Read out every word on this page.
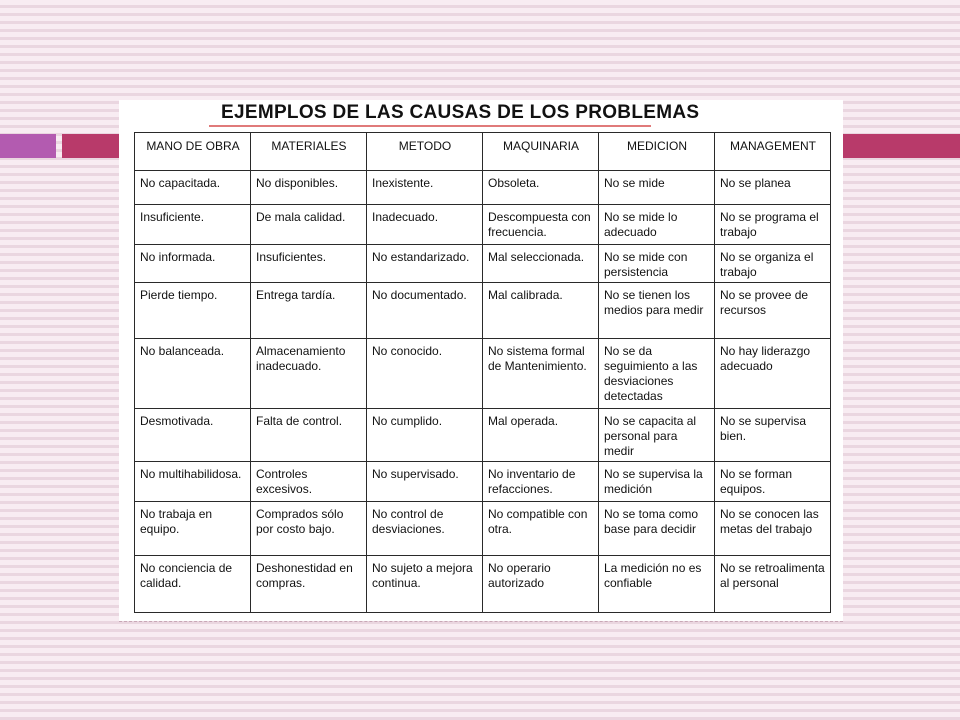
EJEMPLOS DE LAS CAUSAS DE LOS PROBLEMAS
MANO DE OBRA	MATERIALES	METODO	MAQUINARIA	MEDICION	MANAGEMENT
No capacitada.	No disponibles.	Inexistente.	Obsoleta.	No se mide	No se planea
Insuficiente.	De mala calidad.	Inadecuado.	Descompuesta con frecuencia.	No se mide lo adecuado	No se programa el trabajo
No informada.	Insuficientes.	No estandarizado.	Mal seleccionada.	No se mide con persistencia	No se organiza el trabajo
Pierde tiempo.	Entrega tardía.	No documentado.	Mal calibrada.	No se tienen los medios para medir	No se provee de recursos
No balanceada.	Almacenamiento inadecuado.	No conocido.	No sistema formal de Mantenimiento.	No se da seguimiento a las desviaciones detectadas	No hay liderazgo adecuado
Desmotivada.	Falta de control.	No cumplido.	Mal operada.	No se capacita al personal para medir	No se supervisa bien.
No multihabilidosa.	Controles excesivos.	No supervisado.	No inventario de refacciones.	No se supervisa la medición	No se forman equipos.
No trabaja en equipo.	Comprados sólo por costo bajo.	No control de desviaciones.	No compatible con otra.	No se toma como base para decidir	No se conocen las metas del trabajo
No conciencia de calidad.	Deshonestidad en compras.	No sujeto a mejora continua.	No operario autorizado	La medición no es confiable	No se retroalimenta al personal
